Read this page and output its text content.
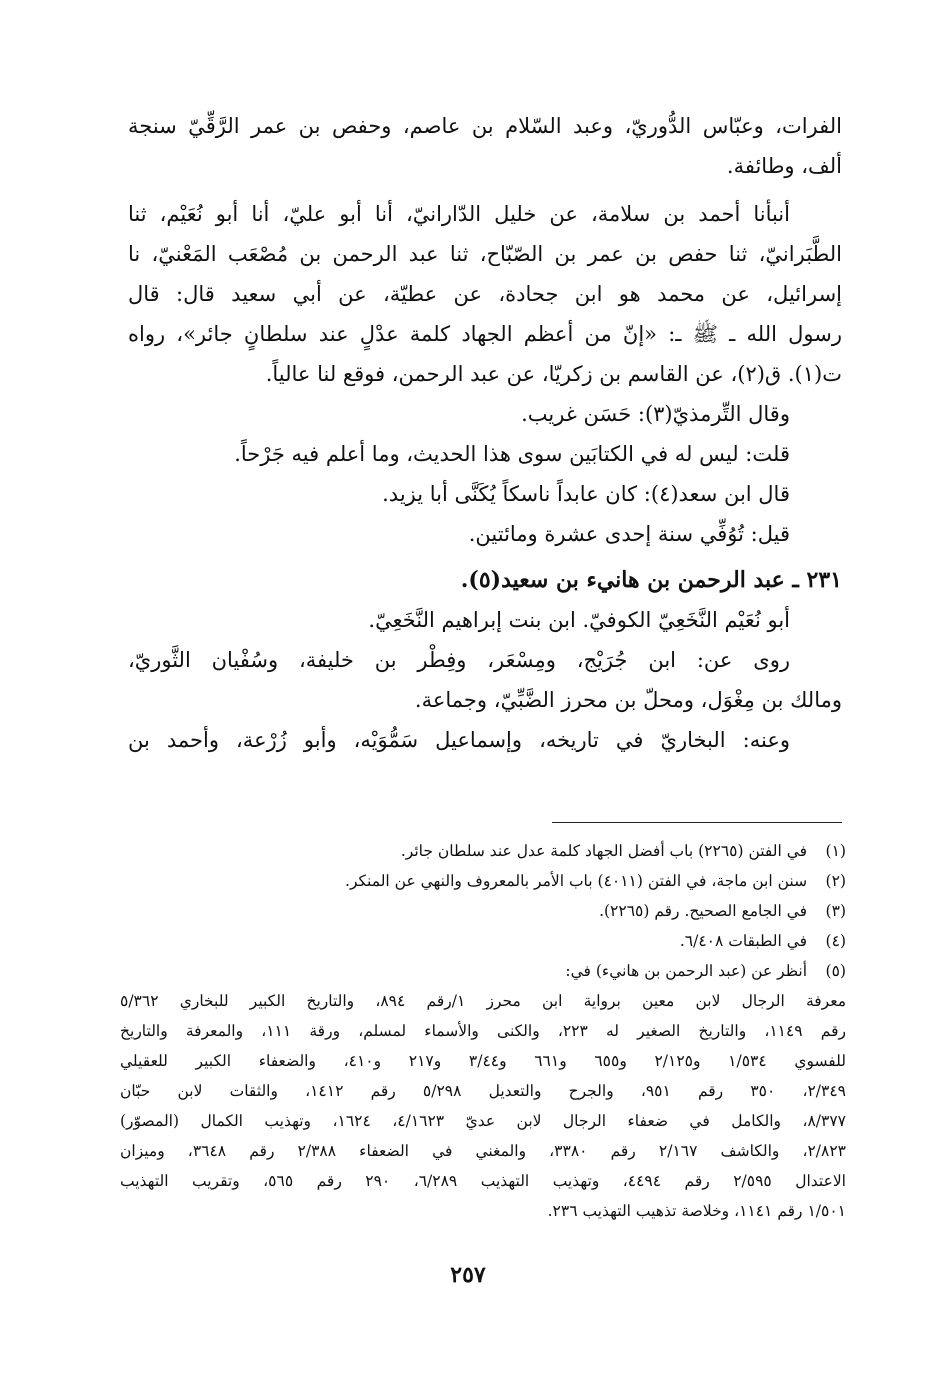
الفرات، وعبّاس الدُّوريّ، وعبد السّلام بن عاصم، وحفص بن عمر الرَّقِّيّ سنجة
ألف، وطائفة.
أنبأنا أحمد بن سلامة، عن خليل الدّارانيّ، أنا أبو عليّ، أنا أبو نُعَيْم، ثنا
الطَّبَرانيّ، ثنا حفص بن عمر بن الصّبّاح، ثنا عبد الرحمن بن مُصْعَب المَعْنيّ، نا
إسرائيل، عن محمد هو ابن جحادة، عن عطيّة، عن أبي سعيد قال: قال
رسول الله ـ ﷺ ـ: «إنّ من أعظم الجهاد كلمة عدْلٍ عند سلطانٍ جائر»، رواه
ت(١). ق(٢)، عن القاسم بن زكريّا، عن عبد الرحمن، فوقع لنا عالياً.
وقال التِّرمذيّ(٣): حَسَن غريب.
قلت: ليس له في الكتابَين سوى هذا الحديث، وما أعلم فيه جَرْحاً.
قال ابن سعد(٤): كان عابداً ناسكاً يُكَنَّى أبا يزيد.
قيل: تُوُفِّي سنة إحدى عشرة ومائتين.
٢٣١ ـ عبد الرحمن بن هانيء بن سعيد(٥).
أبو نُعَيْم النَّخَعِيّ الكوفيّ. ابن بنت إبراهيم النَّخَعِيّ.
روى عن: ابن جُرَيْج، ومِسْعَر، وفِطْر بن خليفة، وسُفْيان الثَّوريّ،
ومالك بن مِغْوَل، ومحلّ بن محرز الضَّبِّيّ، وجماعة.
وعنه: البخاريّ في تاريخه، وإسماعيل سَمُّوَيْه، وأبو زُرْعة، وأحمد بن
(١) في الفتن (٢٢٦٥) باب أفضل الجهاد كلمة عدل عند سلطان جائر.
(٢) سنن ابن ماجة، في الفتن (٤٠١١) باب الأمر بالمعروف والنهي عن المنكر.
(٣) في الجامع الصحيح. رقم (٢٢٦٥).
(٤) في الطبقات ٦/٤٠٨.
(٥) أنظر عن (عبد الرحمن بن هانيء) في:
معرفة الرجال لابن معين برواية ابن محرز ١/رقم ٨٩٤، والتاريخ الكبير للبخاري ٥/٣٦٢
رقم ١١٤٩، والتاريخ الصغير له ٢٢٣، والكنى والأسماء لمسلم، ورقة ١١١، والمعرفة والتاريخ
للفسوي ١/٥٣٤ و٢/١٢٥ و٦٥٥ و٦٦١ و٣/٤٤ و٢١٧ و٤١٠، والضعفاء الكبير للعقيلي
٢/٣٤٩، ٣٥٠ رقم ٩٥١، والجرح والتعديل ٥/٢٩٨ رقم ١٤١٢، والثقات لابن حبّان
٨/٣٧٧، والكامل في ضعفاء الرجال لابن عديّ ٤/١٦٢٣، ١٦٢٤، وتهذيب الكمال (المصوّر)
٢/٨٢٣، والكاشف ٢/١٦٧ رقم ٣٣٨٠، والمغني في الضعفاء ٢/٣٨٨ رقم ٣٦٤٨، وميزان
الاعتدال ٢/٥٩٥ رقم ٤٤٩٤، وتهذيب التهذيب ٦/٢٨٩، ٢٩٠ رقم ٥٦٥، وتقريب التهذيب
١/٥٠١ رقم ١١٤١، وخلاصة تذهيب التهذيب ٢٣٦.
٢٥٧
